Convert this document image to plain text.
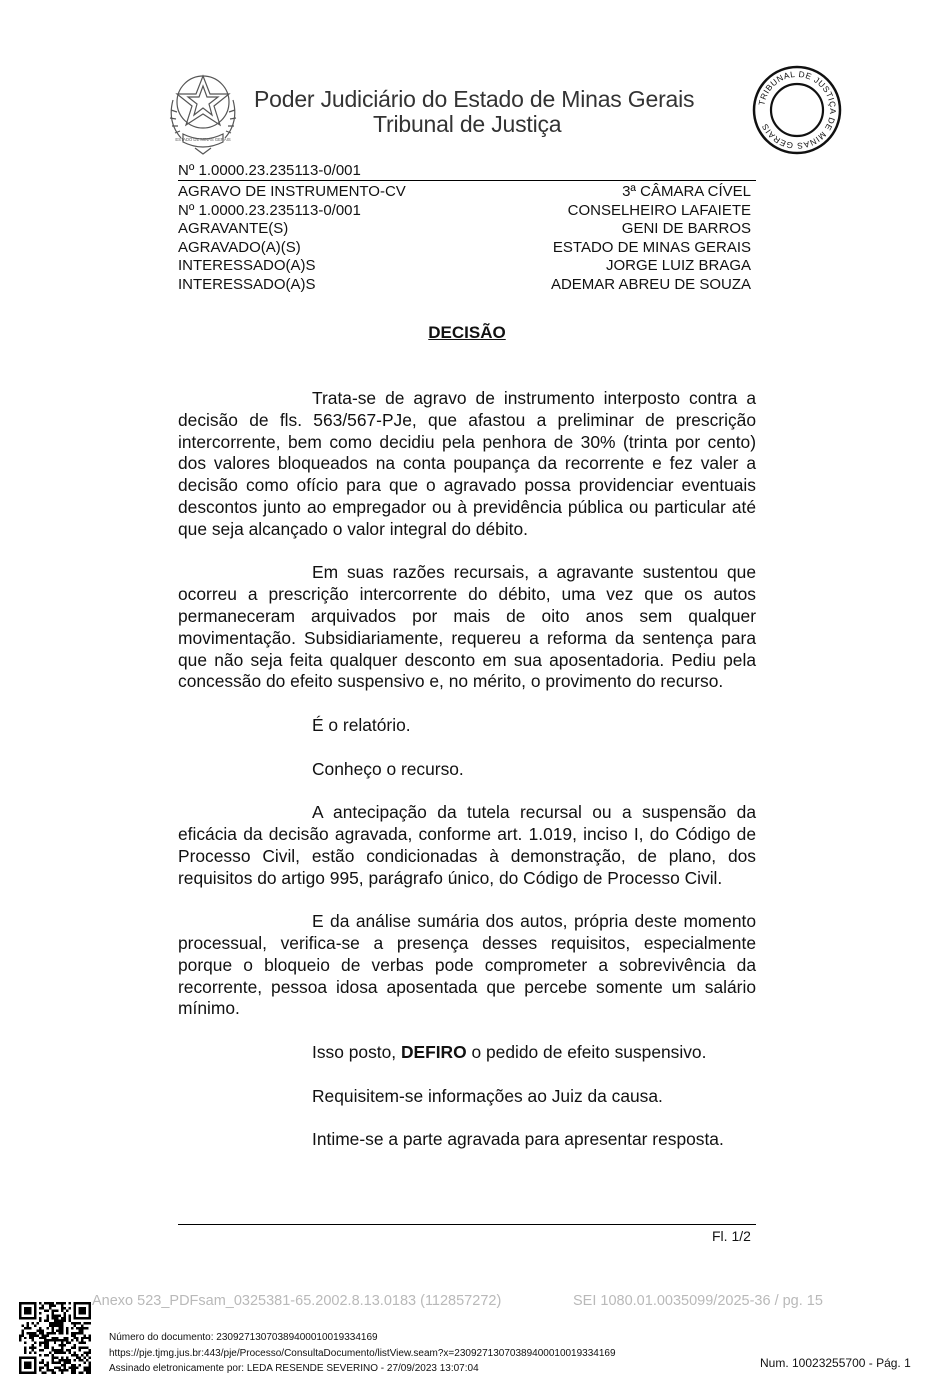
ESTADO DE MINAS GERAIS
Poder Judiciário do Estado de Minas Gerais
Tribunal de Justiça
TRIBUNAL DE JUSTIÇA DE MINAS GERAIS
Nº 1.0000.23.235113-0/001
AGRAVO DE INSTRUMENTO-CV	3ª CÂMARA CÍVEL
Nº 1.0000.23.235113-0/001	CONSELHEIRO LAFAIETE
AGRAVANTE(S)	GENI DE BARROS
AGRAVADO(A)(S)	ESTADO DE MINAS GERAIS
INTERESSADO(A)S	JORGE LUIZ BRAGA
INTERESSADO(A)S	ADEMAR ABREU DE SOUZA
DECISÃO

Trata-se de agravo de instrumento interposto contra a decisão de fls. 563/567-PJe, que afastou a preliminar de prescrição intercorrente, bem como decidiu pela penhora de 30% (trinta por cento) dos valores bloqueados na conta poupança da recorrente e fez valer a decisão como ofício para que o agravado possa providenciar eventuais descontos junto ao empregador ou à previdência pública ou particular até que seja alcançado o valor integral do débito.

Em suas razões recursais, a agravante sustentou que ocorreu a prescrição intercorrente do débito, uma vez que os autos permaneceram arquivados por mais de oito anos sem qualquer movimentação. Subsidiariamente, requereu a reforma da sentença para que não seja feita qualquer desconto em sua aposentadoria. Pediu pela concessão do efeito suspensivo e, no mérito, o provimento do recurso.

É o relatório.

Conheço o recurso.

A antecipação da tutela recursal ou a suspensão da eficácia da decisão agravada, conforme art. 1.019, inciso I, do Código de Processo Civil, estão condicionadas à demonstração, de plano, dos requisitos do artigo 995, parágrafo único, do Código de Processo Civil.

E da análise sumária dos autos, própria deste momento processual, verifica-se a presença desses requisitos, especialmente porque o bloqueio de verbas pode comprometer a sobrevivência da recorrente, pessoa idosa aposentada que percebe somente um salário mínimo.

Isso posto, DEFIRO o pedido de efeito suspensivo.

Requisitem-se informações ao Juiz da causa.

Intime-se a parte agravada para apresentar resposta.

Fl. 1/2
Anexo 523_PDFsam_0325381-65.2002.8.13.0183 (112857272)	SEI 1080.01.0035099/2025-36 / pg. 15
Número do documento: 23092713070389400010019334169
https://pje.tjmg.jus.br:443/pje/Processo/ConsultaDocumento/listView.seam?x=23092713070389400010019334169
Assinado eletronicamente por: LEDA RESENDE SEVERINO - 27/09/2023 13:07:04	Num. 10023255700 - Pág. 1
